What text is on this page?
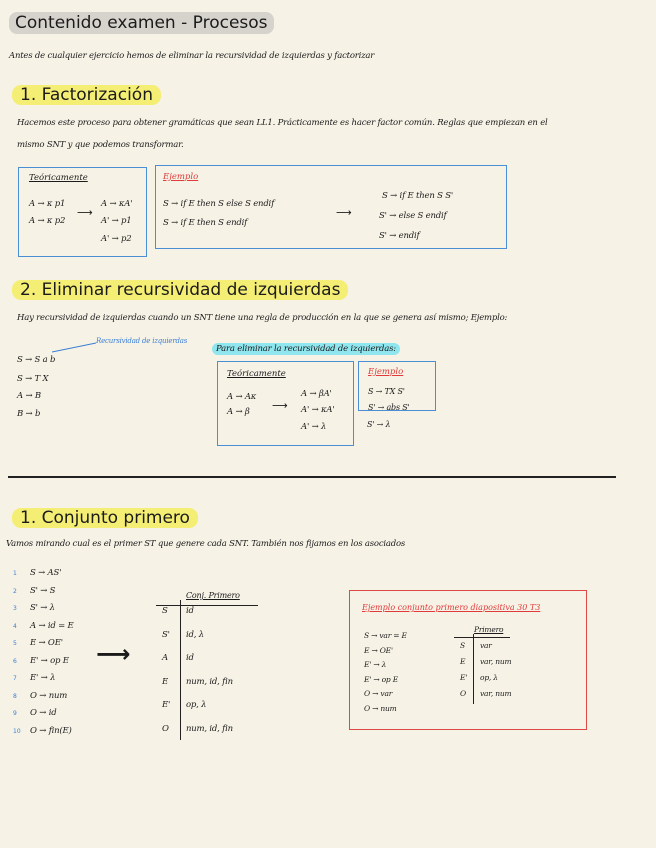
Contenido examen - Procesos
Antes de cualquier ejercicio hemos de eliminar la recursividad de izquierdas y factorizar
1. Factorización
Hacemos este proceso para obtener gramáticas que sean LL1. Prácticamente es hacer factor común. Reglas que empiezan en el
mismo SNT y que podemos transformar.
Teóricamente
A → κ p1
A → κ p2
⟶
A → κA'
A' → p1
A' → p2
Ejemplo
S → if E then S else S endif
S → if E then S endif
⟶
S → if E then S S'
S' → else S endif
S' → endif
2. Eliminar recursividad de izquierdas
Hay recursividad de izquierdas cuando un SNT tiene una regla de producción en la que se genera así mismo; Ejemplo:
Recursividad de izquierdas
S → S a b
S → T X
A → B
B → b
Para eliminar la recursividad de izquierdas:
Teóricamente
A → Aκ
A → β ⟶
A → βA'
A' → κA'
A' → λ
Ejemplo
S → TX S'
S' → abs S'
S' → λ
1. Conjunto primero
Vamos mirando cual es el primer ST que genere cada SNT. También nos fijamos en los asociados
1
2
3
4
5
6
7
8
9
10
S → AS'
S' → S
S' → λ
A → id = E
E → OE'
E' → op E
E' → λ
O → num
O → id
O → fin(E)
⟶
Conj. Primero
S id
S' id, λ
A id
E num, id, fin
E' op, λ
O num, id, fin
Ejemplo conjunto primero diapositiva 30 T3
Primero
S → var = E
E → OE'
E' → λ
E' → op E
O → var
O → num
S var
E var, num
E' op, λ
O var, num
